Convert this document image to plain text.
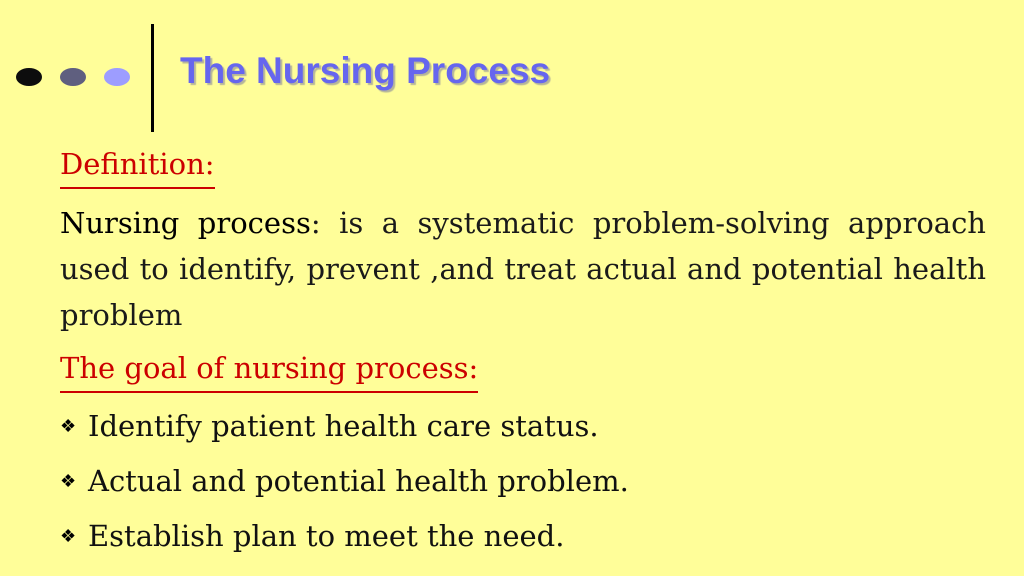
The Nursing Process
Definition:

Nursing process: is a systematic problem-solving approach used to identify, prevent ,and treat actual and potential health problem

The goal of nursing process:
❖ Identify patient health care status.
❖ Actual and potential health problem.
❖ Establish plan to meet the need.
